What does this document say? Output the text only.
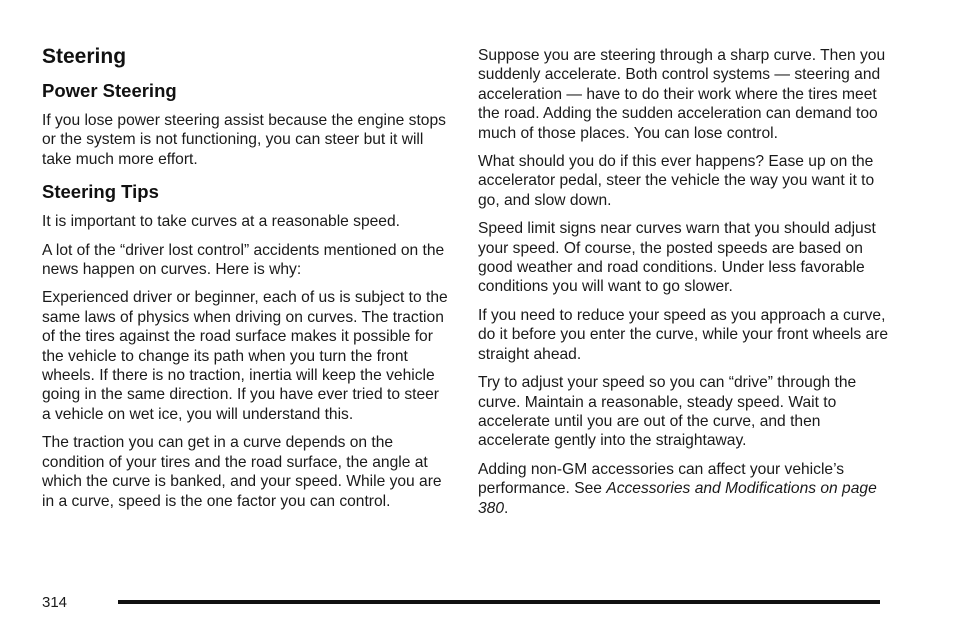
Steering
Power Steering

If you lose power steering assist because the engine stops or the system is not functioning, you can steer but it will take much more effort.

Steering Tips

It is important to take curves at a reasonable speed.

A lot of the “driver lost control” accidents mentioned on the news happen on curves. Here is why:

Experienced driver or beginner, each of us is subject to the same laws of physics when driving on curves. The traction of the tires against the road surface makes it possible for the vehicle to change its path when you turn the front wheels. If there is no traction, inertia will keep the vehicle going in the same direction. If you have ever tried to steer a vehicle on wet ice, you will understand this.

The traction you can get in a curve depends on the condition of your tires and the road surface, the angle at which the curve is banked, and your speed. While you are in a curve, speed is the one factor you can control.

Suppose you are steering through a sharp curve. Then you suddenly accelerate. Both control systems — steering and acceleration — have to do their work where the tires meet the road. Adding the sudden acceleration can demand too much of those places. You can lose control.

What should you do if this ever happens? Ease up on the accelerator pedal, steer the vehicle the way you want it to go, and slow down.

Speed limit signs near curves warn that you should adjust your speed. Of course, the posted speeds are based on good weather and road conditions. Under less favorable conditions you will want to go slower.

If you need to reduce your speed as you approach a curve, do it before you enter the curve, while your front wheels are straight ahead.

Try to adjust your speed so you can “drive” through the curve. Maintain a reasonable, steady speed. Wait to accelerate until you are out of the curve, and then accelerate gently into the straightaway.

Adding non-GM accessories can affect your vehicle’s performance. See Accessories and Modifications on page 380.

314
